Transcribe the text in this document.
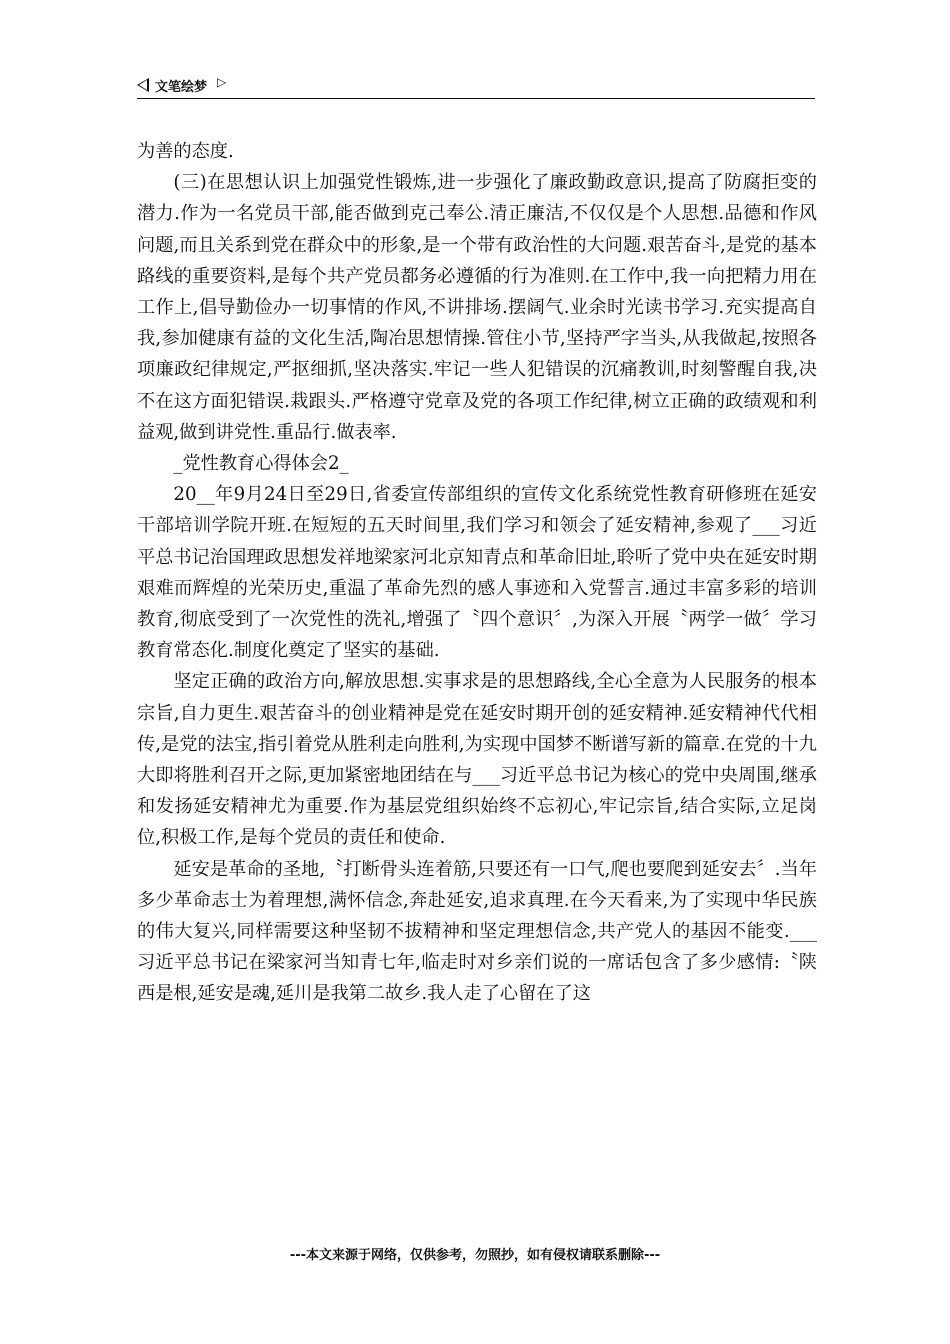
文笔绘梦 ▷

为善的态度.

(三)在思想认识上加强党性锻炼,进一步强化了廉政勤政意识,提高了防腐拒变的潜力.作为一名党员干部,能否做到克己奉公.清正廉洁,不仅仅是个人思想.品德和作风问题,而且关系到党在群众中的形象,是一个带有政治性的大问题.艰苦奋斗,是党的基本路线的重要资料,是每个共产党员都务必遵循的行为准则.在工作中,我一向把精力用在工作上,倡导勤俭办一切事情的作风,不讲排场.摆阔气.业余时光读书学习.充实提高自我,参加健康有益的文化生活,陶冶思想情操.管住小节,坚持严字当头,从我做起,按照各项廉政纪律规定,严抠细抓,坚决落实.牢记一些人犯错误的沉痛教训,时刻警醒自我,决不在这方面犯错误.栽跟头.严格遵守党章及党的各项工作纪律,树立正确的政绩观和利益观,做到讲党性.重品行.做表率.

_党性教育心得体会2_

20__年9月24日至29日,省委宣传部组织的宣传文化系统党性教育研修班在延安干部培训学院开班.在短短的五天时间里,我们学习和领会了延安精神,参观了___习近平总书记治国理政思想发祥地梁家河北京知青点和革命旧址,聆听了党中央在延安时期艰难而辉煌的光荣历史,重温了革命先烈的感人事迹和入党誓言.通过丰富多彩的培训教育,彻底受到了一次党性的洗礼,增强了〝四个意识〞,为深入开展〝两学一做〞学习教育常态化.制度化奠定了坚实的基础.

坚定正确的政治方向,解放思想.实事求是的思想路线,全心全意为人民服务的根本宗旨,自力更生.艰苦奋斗的创业精神是党在延安时期开创的延安精神.延安精神代代相传,是党的法宝,指引着党从胜利走向胜利,为实现中国梦不断谱写新的篇章.在党的十九大即将胜利召开之际,更加紧密地团结在与___习近平总书记为核心的党中央周围,继承和发扬延安精神尤为重要.作为基层党组织始终不忘初心,牢记宗旨,结合实际,立足岗位,积极工作,是每个党员的责任和使命.

延安是革命的圣地,〝打断骨头连着筋,只要还有一口气,爬也要爬到延安去〞.当年多少革命志士为着理想,满怀信念,奔赴延安,追求真理.在今天看来,为了实现中华民族的伟大复兴,同样需要这种坚韧不拔精神和坚定理想信念,共产党人的基因不能变.___习近平总书记在梁家河当知青七年,临走时对乡亲们说的一席话包含了多少感情:〝陕西是根,延安是魂,延川是我第二故乡.我人走了心留在了这

---本文来源于网络，仅供参考，勿照抄，如有侵权请联系删除---
